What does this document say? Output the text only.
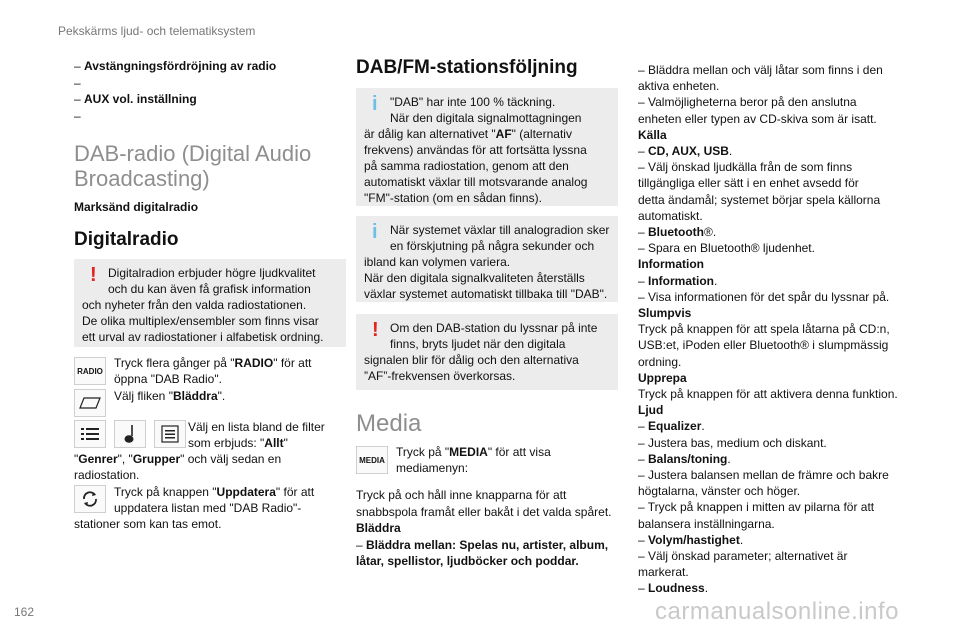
Pekskärms ljud- och telematiksystem
– Avstängningsfördröjning av radio
–
– AUX vol. inställning
–
DAB-radio (Digital Audio
Broadcasting)
Marksänd digitalradio
Digitalradio
! Digitalradion erbjuder högre ljudkvalitet
och du kan även få grafisk information
och nyheter från den valda radiostationen.
De olika multiplex/ensembler som finns visar
ett urval av radiostationer i alfabetisk ordning.
RADIO
Tryck flera gånger på "RADIO" för att
öppna "DAB Radio".
Välj fliken "Bläddra".
Välj en lista bland de filter
som erbjuds: "Allt"
"Genrer", "Grupper" och välj sedan en
radiostation.
Tryck på knappen "Uppdatera" för att
uppdatera listan med "DAB Radio"-
stationer som kan tas emot.
DAB/FM-stationsföljning
i "DAB" har inte 100 % täckning.
När den digitala signalmottagningen
är dålig kan alternativet "AF" (alternativ
frekvens) användas för att fortsätta lyssna
på samma radiostation, genom att den
automatiskt växlar till motsvarande analog
"FM"-station (om en sådan finns).
i När systemet växlar till analogradion sker
en förskjutning på några sekunder och
ibland kan volymen variera.
När den digitala signalkvaliteten återställs
växlar systemet automatiskt tillbaka till "DAB".
! Om den DAB-station du lyssnar på inte
finns, bryts ljudet när den digitala
signalen blir för dålig och den alternativa
”AF”-frekvensen överkorsas.
Media
MEDIA
Tryck på "MEDIA" för att visa
mediamenyn:
Tryck på och håll inne knapparna för att
snabbspola framåt eller bakåt i det valda spåret.
Bläddra
– Bläddra mellan: Spelas nu, artister, album,
låtar, spellistor, ljudböcker och poddar.
– Bläddra mellan och välj låtar som finns i den
aktiva enheten.
– Valmöjligheterna beror på den anslutna
enheten eller typen av CD-skiva som är isatt.
Källa
– CD, AUX, USB.
– Välj önskad ljudkälla från de som finns
tillgängliga eller sätt i en enhet avsedd för
detta ändamål; systemet börjar spela källorna
automatiskt.
– Bluetooth®.
– Spara en Bluetooth® ljudenhet.
Information
– Information.
– Visa informationen för det spår du lyssnar på.
Slumpvis
Tryck på knappen för att spela låtarna på CD:n,
USB:et, iPoden eller Bluetooth® i slumpmässig
ordning.
Upprepa
Tryck på knappen för att aktivera denna funktion.
Ljud
– Equalizer.
– Justera bas, medium och diskant.
– Balans/toning.
– Justera balansen mellan de främre och bakre
högtalarna, vänster och höger.
– Tryck på knappen i mitten av pilarna för att
balansera inställningarna.
– Volym/hastighet.
– Välj önskad parameter; alternativet är
markerat.
– Loudness.
162	carmanualsonline.info
